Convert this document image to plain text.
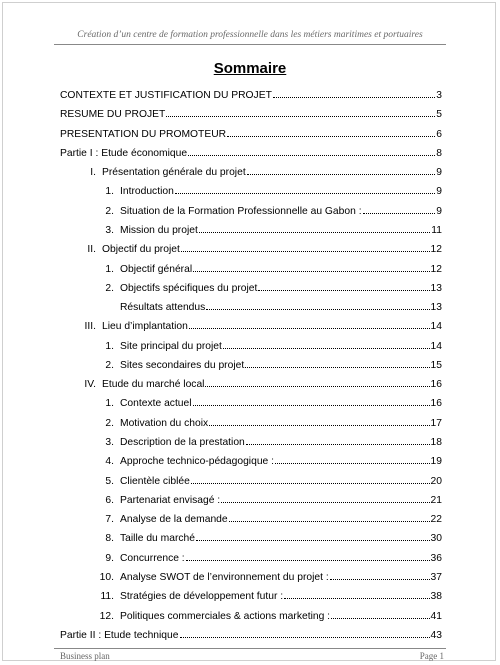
Création d’un centre de formation professionnelle dans les métiers maritimes et portuaires
Sommaire
CONTEXTE ET JUSTIFICATION DU PROJET	3
RESUME DU PROJET	5
PRESENTATION DU PROMOTEUR	6
Partie I : Etude économique	8
I. Présentation générale du projet	9
1. Introduction	9
2. Situation de la Formation Professionnelle au Gabon :	9
3. Mission du projet	11
II. Objectif du projet	12
1. Objectif général	12
2. Objectifs spécifiques du projet	13
Résultats attendus	13
III. Lieu d’implantation	14
1. Site principal du projet	14
2. Sites secondaires du projet	15
IV. Etude du marché local	16
1. Contexte actuel	16
2. Motivation du choix	17
3. Description de la prestation	18
4. Approche technico-pédagogique :	19
5. Clientèle ciblée	20
6. Partenariat envisagé :	21
7. Analyse de la demande	22
8. Taille du marché	30
9. Concurrence :	36
10. Analyse SWOT de l’environnement du projet :	37
11. Stratégies de développement futur :	38
12. Politiques commerciales & actions marketing :	41
Partie II : Etude technique	43
Business plan	Page 1
